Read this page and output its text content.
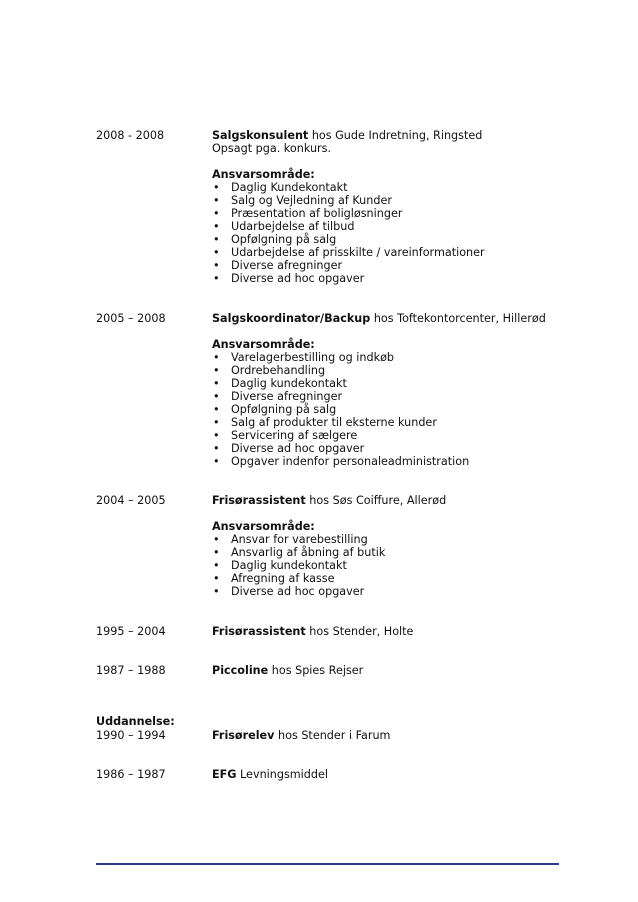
2008 - 2008	Salgskonsulent hos Gude Indretning, Ringsted
Opsagt pga. konkurs.
Ansvarsområde:
• Daglig Kundekontakt
• Salg og Vejledning af Kunder
• Præsentation af boligløsninger
• Udarbejdelse af tilbud
• Opfølgning på salg
• Udarbejdelse af prisskilte / vareinformationer
• Diverse afregninger
• Diverse ad hoc opgaver
2005 – 2008	Salgskoordinator/Backup hos Toftekontorcenter, Hillerød
Ansvarsområde:
• Varelagerbestilling og indkøb
• Ordrebehandling
• Daglig kundekontakt
• Diverse afregninger
• Opfølgning på salg
• Salg af produkter til eksterne kunder
• Servicering af sælgere
• Diverse ad hoc opgaver
• Opgaver indenfor personaleadministration
2004 – 2005	Frisørassistent hos Søs Coiffure, Allerød
Ansvarsområde:
• Ansvar for varebestilling
• Ansvarlig af åbning af butik
• Daglig kundekontakt
• Afregning af kasse
• Diverse ad hoc opgaver
1995 – 2004	Frisørassistent hos Stender, Holte
1987 – 1988	Piccoline hos Spies Rejser
Uddannelse:
1990 – 1994	Frisørelev hos Stender i Farum
1986 – 1987	EFG Levningsmiddel
